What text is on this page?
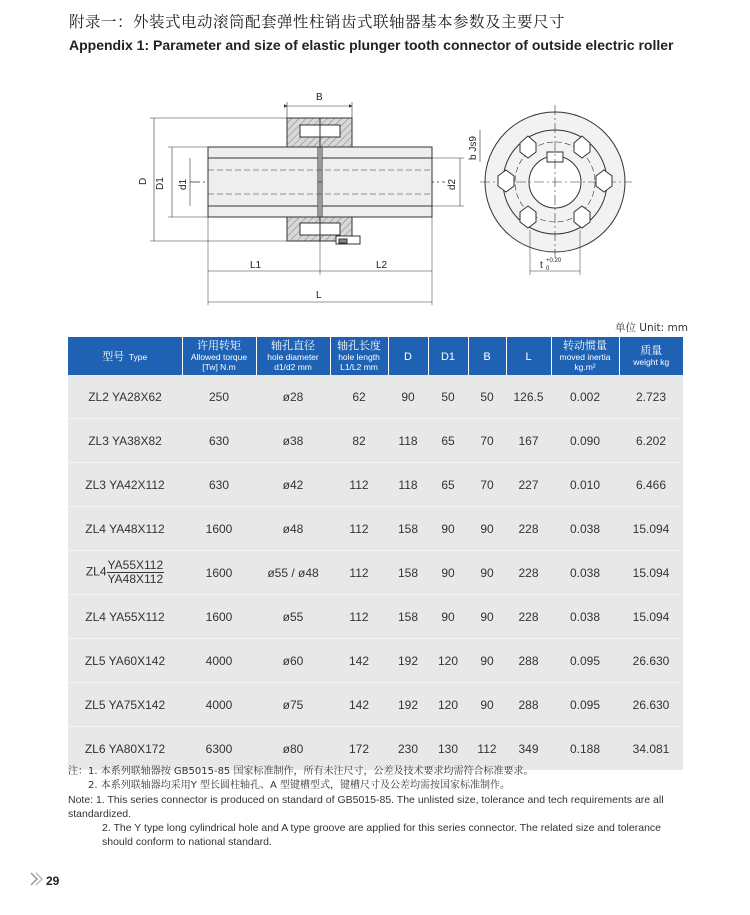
附录一：外装式电动滚筒配套弹性柱销齿式联轴器基本参数及主要尺寸
Appendix 1: Parameter and size of elastic plunger tooth connector of outside electric roller
B
D D1 d1	d2
b Js9
L1	L2
L
t +0.20
0
单位 Unit: mm
型号 Type	许用转矩
Allowed torque
[Tw] N.m	轴孔直径
hole diameter
d1/d2 mm	轴孔长度
hole length
L1/L2 mm	D	D1	B	L	转动惯量
moved inertia
kg.m²	质量
weight kg

ZL2 YA28X62	250	ø28	62	90	50	50	126.5	0.002	2.723
ZL3 YA38X82	630	ø38	82	118	65	70	167	0.090	6.202
ZL3 YA42X112	630	ø42	112	118	65	70	227	0.010	6.466
ZL4 YA48X112	1600	ø48	112	158	90	90	228	0.038	15.094
$ZL4 \frac{YA55X112}{YA48X112}$	1600	ø55 / ø48	112	158	90	90	228	0.038	15.094
ZL4 YA55X112	1600	ø55	112	158	90	90	228	0.038	15.094
ZL5 YA60X142	4000	ø60	142	192	120	90	288	0.095	26.630
ZL5 YA75X142	4000	ø75	142	192	120	90	288	0.095	26.630
ZL6 YA80X172	6300	ø80	172	230	130	112	349	0.188	34.081
注：1. 本系列联轴器按 GB5015-85 国家标准制作，所有未注尺寸，公差及技术要求均需符合标准要求。
2. 本系列联轴器均采用Y 型长圆柱轴孔、A 型键槽型式，键槽尺寸及公差均需按国家标准制作。
Note: 1. This series connector is produced on standard of GB5015-85. The unlisted size, tolerance and tech requirements are all standardized.
2. The Y type long cylindrical hole and A type groove are applied for this series connector. The related size and tolerance should conform to national standard.
29
